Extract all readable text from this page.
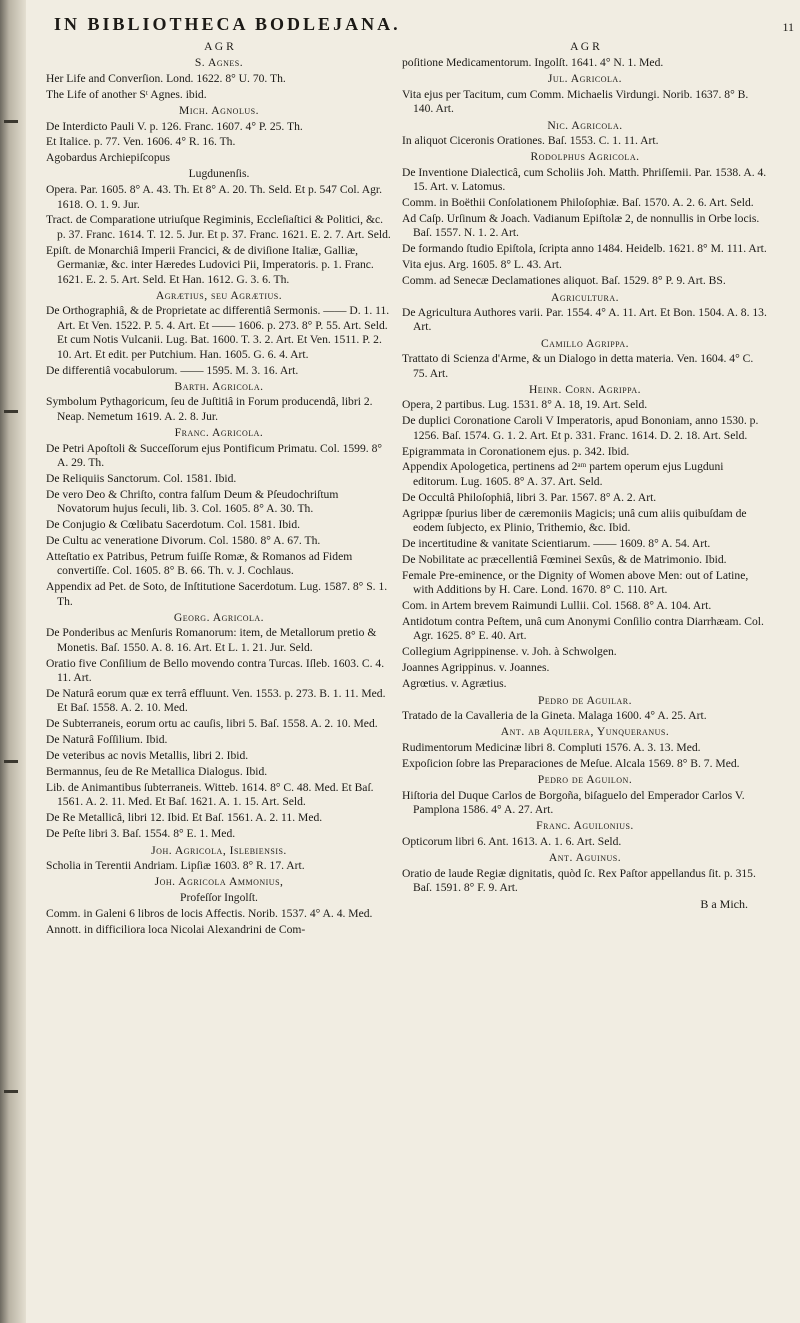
IN BIBLIOTHECA BODLEJANA.	11

A G R

S. Agnes.

Her Life and Converſion. Lond. 1622. 8° U. 70. Th.

The Life of another Sᵗ Agnes. ibid.

Mich. Agnolus.

De Interdicto Pauli V. p. 126. Franc. 1607. 4° P. 25. Th.

Et Italice. p. 77. Ven. 1606. 4° R. 16. Th.

Agobardus Archiepiſcopus

Lugdunenſis.

Opera. Par. 1605. 8° A. 43. Th. Et 8° A. 20. Th. Seld. Et p. 547 Col. Agr. 1618. O. 1. 9. Jur.

Tract. de Comparatione utriuſque Regiminis, Eccleſiaſtici & Politici, &c. p. 37. Franc. 1614. T. 12. 5. Jur. Et p. 37. Franc. 1621. E. 2. 7. Art. Seld.

Epiſt. de Monarchiâ Imperii Francici, & de diviſione Italiæ, Galliæ, Germaniæ, &c. inter Hæredes Ludovici Pii, Imperatoris. p. 1. Franc. 1621. E. 2. 5. Art. Seld. Et Han. 1612. G. 3. 6. Th.

Agrætius, ſeu Agrætius.

De Orthographiâ, & de Proprietate ac differentiâ Sermonis. —— D. 1. 11. Art. Et Ven. 1522. P. 5. 4. Art. Et —— 1606. p. 273. 8° P. 55. Art. Seld. Et cum Notis Vulcanii. Lug. Bat. 1600. T. 3. 2. Art. Et Ven. 1511. P. 2. 10. Art. Et edit. per Putchium. Han. 1605. G. 6. 4. Art.

De differentiâ vocabulorum. —— 1595. M. 3. 16. Art.

Barth. Agricola.

Symbolum Pythagoricum, ſeu de Juſtitiâ in Forum producendâ, libri 2. Neap. Nemetum 1619. A. 2. 8. Jur.

Franc. Agricola.

De Petri Apoſtoli & Succeſſorum ejus Pontificum Primatu. Col. 1599. 8° A. 29. Th.

De Reliquiis Sanctorum. Col. 1581. Ibid.

De vero Deo & Chriſto, contra falſum Deum & Pſeudochriſtum Novatorum hujus ſeculi, lib. 3. Col. 1605. 8° A. 30. Th.

De Conjugio & Cœlibatu Sacerdotum. Col. 1581. Ibid.

De Cultu ac veneratione Divorum. Col. 1580. 8° A. 67. Th.

Atteſtatio ex Patribus, Petrum fuiſſe Romæ, & Romanos ad Fidem convertiſſe. Col. 1605. 8° B. 66. Th. v. J. Cochlaus.

Appendix ad Pet. de Soto, de Inſtitutione Sacerdotum. Lug. 1587. 8° S. 1. Th.

Georg. Agricola.

De Ponderibus ac Menſuris Romanorum: item, de Metallorum pretio & Monetis. Baſ. 1550. A. 8. 16. Art. Et L. 1. 21. Jur. Seld.

Oratio five Conſilium de Bello movendo contra Turcas. Iſleb. 1603. C. 4. 11. Art.

De Naturâ eorum quæ ex terrâ effluunt. Ven. 1553. p. 273. B. 1. 11. Med. Et Baſ. 1558. A. 2. 10. Med.

De Subterraneis, eorum ortu ac cauſis, libri 5. Baſ. 1558. A. 2. 10. Med.

De Naturâ Foſſilium. Ibid.

De veteribus ac novis Metallis, libri 2. Ibid.

Bermannus, ſeu de Re Metallica Dialogus. Ibid.

Lib. de Animantibus ſubterraneis. Witteb. 1614. 8° C. 48. Med. Et Baſ. 1561. A. 2. 11. Med. Et Baſ. 1621. A. 1. 15. Art. Seld.

De Re Metallicâ, libri 12. Ibid. Et Baſ. 1561. A. 2. 11. Med.

De Peſte libri 3. Baſ. 1554. 8° E. 1. Med.

Joh. Agricola, Iſlebienſis.

Scholia in Terentii Andriam. Lipſiæ 1603. 8° R. 17. Art.

Joh. Agricola Ammonius,

Profeſſor Ingolſt.

Comm. in Galeni 6 libros de locis Affectis. Norib. 1537. 4° A. 4. Med.

Annott. in difficiliora loca Nicolai Alexandrini de Com-

A G R

poſitione Medicamentorum. Ingolſt. 1641. 4° N. 1. Med.

Jul. Agricola.

Vita ejus per Tacitum, cum Comm. Michaelis Virdungi. Norib. 1637. 8° B. 140. Art.

Nic. Agricola.

In aliquot Ciceronis Orationes. Baſ. 1553. C. 1. 11. Art.

Rodolphus Agricola.

De Inventione Dialecticâ, cum Scholiis Joh. Matth. Phriſſemii. Par. 1538. A. 4. 15. Art. v. Latomus.

Comm. in Boëthii Conſolationem Philoſophiæ. Baſ. 1570. A. 2. 6. Art. Seld.

Ad Caſp. Urſinum & Joach. Vadianum Epiſtolæ 2, de nonnullis in Orbe locis. Baſ. 1557. N. 1. 2. Art.

De formando ſtudio Epiſtola, ſcripta anno 1484. Heidelb. 1621. 8° M. 111. Art.

Vita ejus. Arg. 1605. 8° L. 43. Art.

Comm. ad Senecæ Declamationes aliquot. Baſ. 1529. 8° P. 9. Art. BS.

Agricultura.

De Agricultura Authores varii. Par. 1554. 4° A. 11. Art. Et Bon. 1504. A. 8. 13. Art.

Camillo Agrippa.

Trattato di Scienza d'Arme, & un Dialogo in detta materia. Ven. 1604. 4° C. 75. Art.

Heinr. Corn. Agrippa.

Opera, 2 partibus. Lug. 1531. 8° A. 18, 19. Art. Seld.

De duplici Coronatione Caroli V Imperatoris, apud Bononiam, anno 1530. p. 1256. Baſ. 1574. G. 1. 2. Art. Et p. 331. Franc. 1614. D. 2. 18. Art. Seld.

Epigrammata in Coronationem ejus. p. 342. Ibid.

Appendix Apologetica, pertinens ad 2ᵃᵐ partem operum ejus Lugduni editorum. Lug. 1605. 8° A. 37. Art. Seld.

De Occultâ Philoſophiâ, libri 3. Par. 1567. 8° A. 2. Art.

Agrippæ ſpurius liber de cæremoniis Magicis; unâ cum aliis quibuſdam de eodem ſubjecto, ex Plinio, Trithemio, &c. Ibid.

De incertitudine & vanitate Scientiarum. —— 1609. 8° A. 54. Art.

De Nobilitate ac præcellentiâ Fœminei Sexûs, & de Matrimonio. Ibid.

Female Pre-eminence, or the Dignity of Women above Men: out of Latine, with Additions by H. Care. Lond. 1670. 8° C. 110. Art.

Com. in Artem brevem Raimundi Lullii. Col. 1568. 8° A. 104. Art.

Antidotum contra Peſtem, unâ cum Anonymi Conſilio contra Diarrhæam. Col. Agr. 1625. 8° E. 40. Art.

Collegium Agrippinense. v. Joh. à Schwolgen.

Joannes Agrippinus. v. Joannes.

Agrœtius. v. Agrætius.

Pedro de Aguilar.

Tratado de la Cavalleria de la Gineta. Malaga 1600. 4° A. 25. Art.

Ant. ab Aquilera, Yunqueranus.

Rudimentorum Medicinæ libri 8. Compluti 1576. A. 3. 13. Med.

Expoſicion ſobre las Preparaciones de Meſue. Alcala 1569. 8° B. 7. Med.

Pedro de Aguilon.

Hiſtoria del Duque Carlos de Borgoña, biſaguelo del Emperador Carlos V. Pamplona 1586. 4° A. 27. Art.

Franc. Aguilonius.

Opticorum libri 6. Ant. 1613. A. 1. 6. Art. Seld.

Ant. Aguinus.

Oratio de laude Regiæ dignitatis, quòd ſc. Rex Paſtor appellandus ſit. p. 315. Baſ. 1591. 8° F. 9. Art.

B a Mich.
